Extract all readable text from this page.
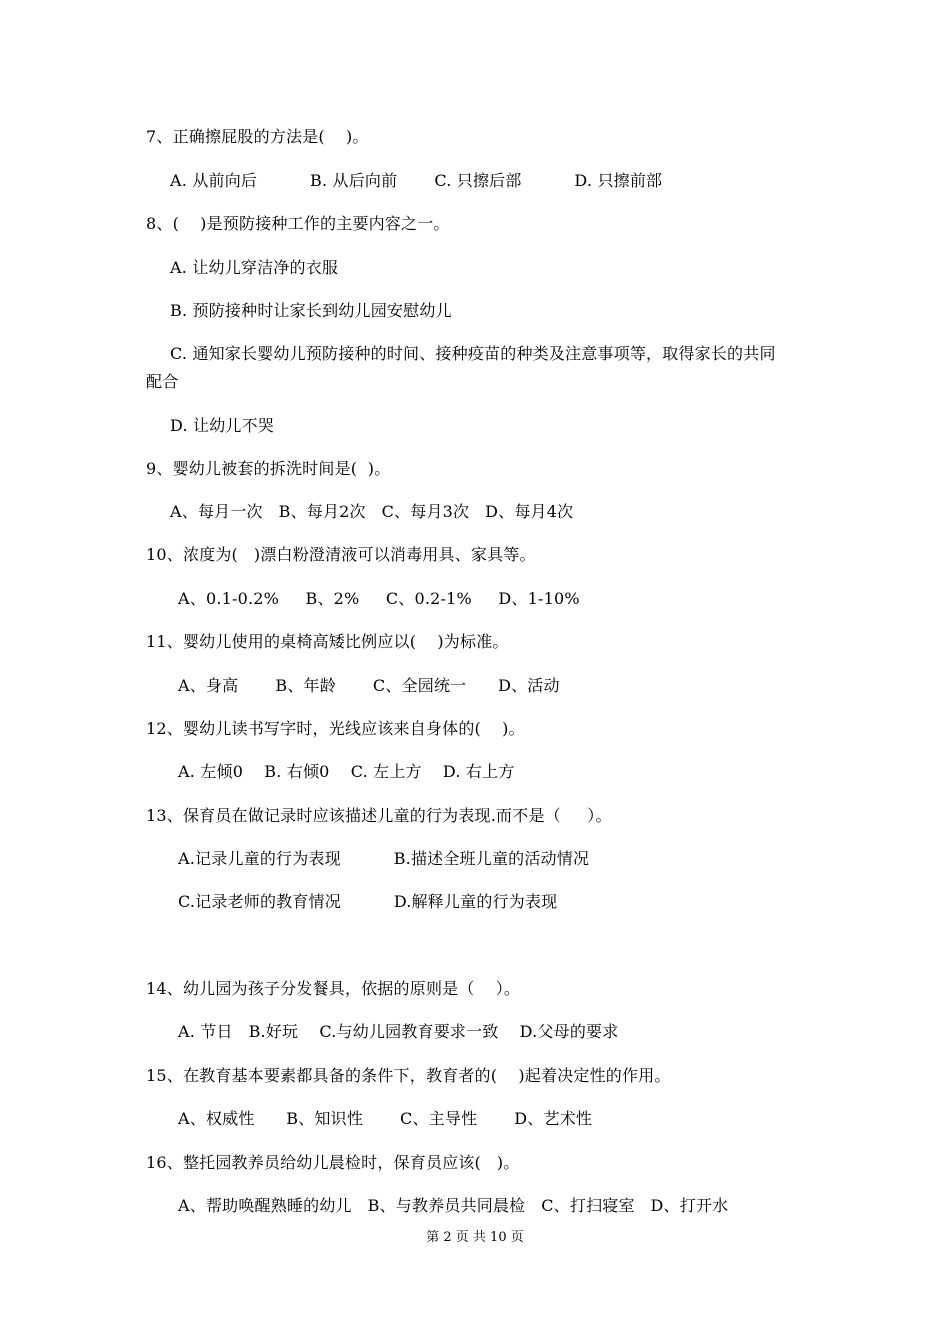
7、正确擦屁股的方法是(    )。
A. 从前向后          B. 从后向前       C. 只擦后部          D. 只擦前部
8、(    )是预防接种工作的主要内容之一。
A. 让幼儿穿洁净的衣服
B. 预防接种时让家长到幼儿园安慰幼儿
C. 通知家长婴幼儿预防接种的时间、接种疫苗的种类及注意事项等，取得家长的共同
配合
D. 让幼儿不哭
9、婴幼儿被套的拆洗时间是(  )。
A、每月一次   B、每月2次   C、每月3次   D、每月4次
10、浓度为(   )漂白粉澄清液可以消毒用具、家具等。
A、0.1-0.2%     B、2%     C、0.2-1%     D、1-10%
11、婴幼儿使用的桌椅高矮比例应以(    )为标准。
A、身高       B、年龄       C、全园统一      D、活动
12、婴幼儿读书写字时，光线应该来自身体的(    )。
A. 左倾0    B. 右倾0    C. 左上方    D. 右上方
13、保育员在做记录时应该描述儿童的行为表现.而不是（     ）。
A.记录儿童的行为表现          B.描述全班儿童的活动情况
C.记录老师的教育情况          D.解释儿童的行为表现
14、幼儿园为孩子分发餐具，依据的原则是（    ）。
A. 节日   B.好玩    C.与幼儿园教育要求一致    D.父母的要求
15、在教育基本要素都具备的条件下，教育者的(    )起着决定性的作用。
A、权威性      B、知识性       C、主导性       D、艺术性
16、整托园教养员给幼儿晨检时，保育员应该(   )。
A、帮助唤醒熟睡的幼儿   B、与教养员共同晨检   C、打扫寝室   D、打开水
第 2 页 共 10 页
